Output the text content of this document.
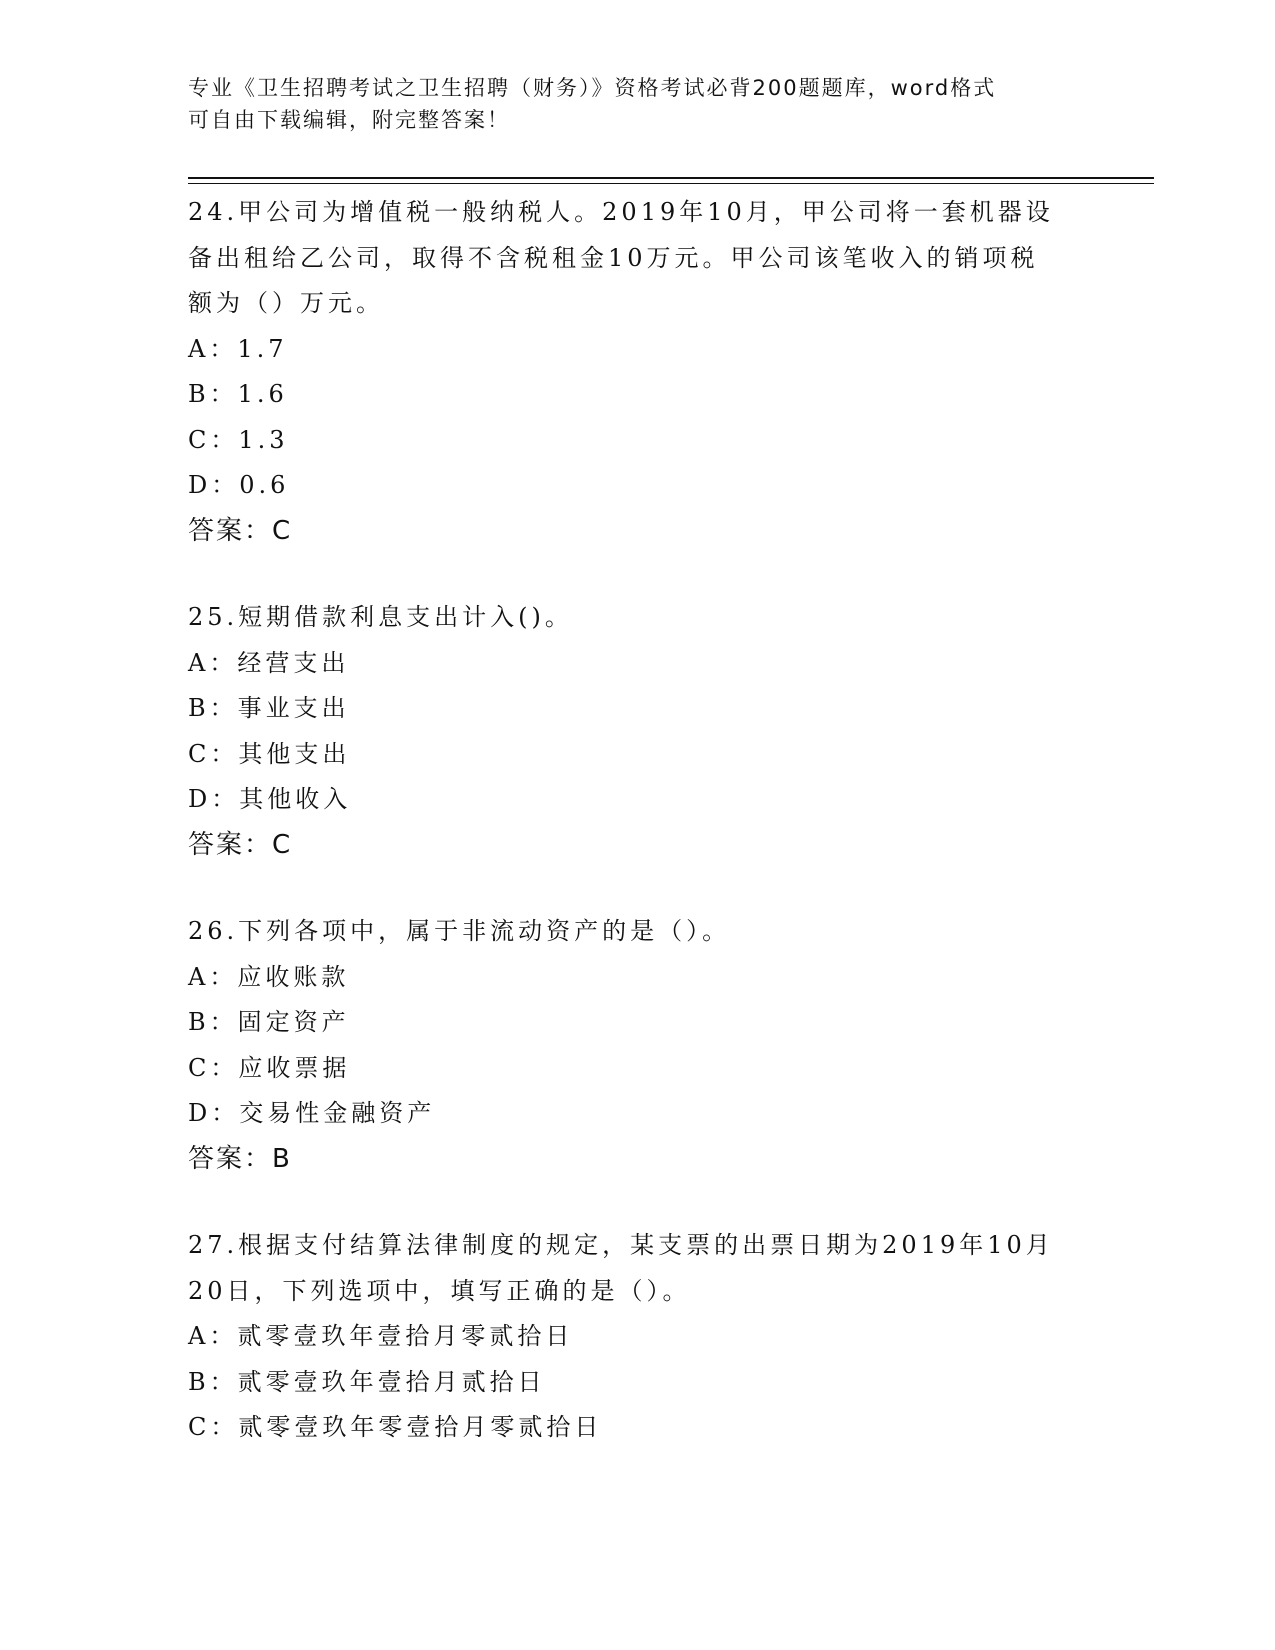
专业《卫生招聘考试之卫生招聘（财务）》资格考试必背200题题库，word格式
可自由下载编辑，附完整答案！
24.甲公司为增值税一般纳税人。2019年10月，甲公司将一套机器设
备出租给乙公司，取得不含税租金10万元。甲公司该笔收入的销项税
额为（）万元。
A：1.7
B：1.6
C：1.3
D：0.6
答案：C
25.短期借款利息支出计入()。
A：经营支出
B：事业支出
C：其他支出
D：其他收入
答案：C
26.下列各项中，属于非流动资产的是（）。
A：应收账款
B：固定资产
C：应收票据
D：交易性金融资产
答案：B
27.根据支付结算法律制度的规定，某支票的出票日期为2019年10月
20日，下列选项中，填写正确的是（）。
A：贰零壹玖年壹拾月零贰拾日
B：贰零壹玖年壹拾月贰拾日
C：贰零壹玖年零壹拾月零贰拾日
